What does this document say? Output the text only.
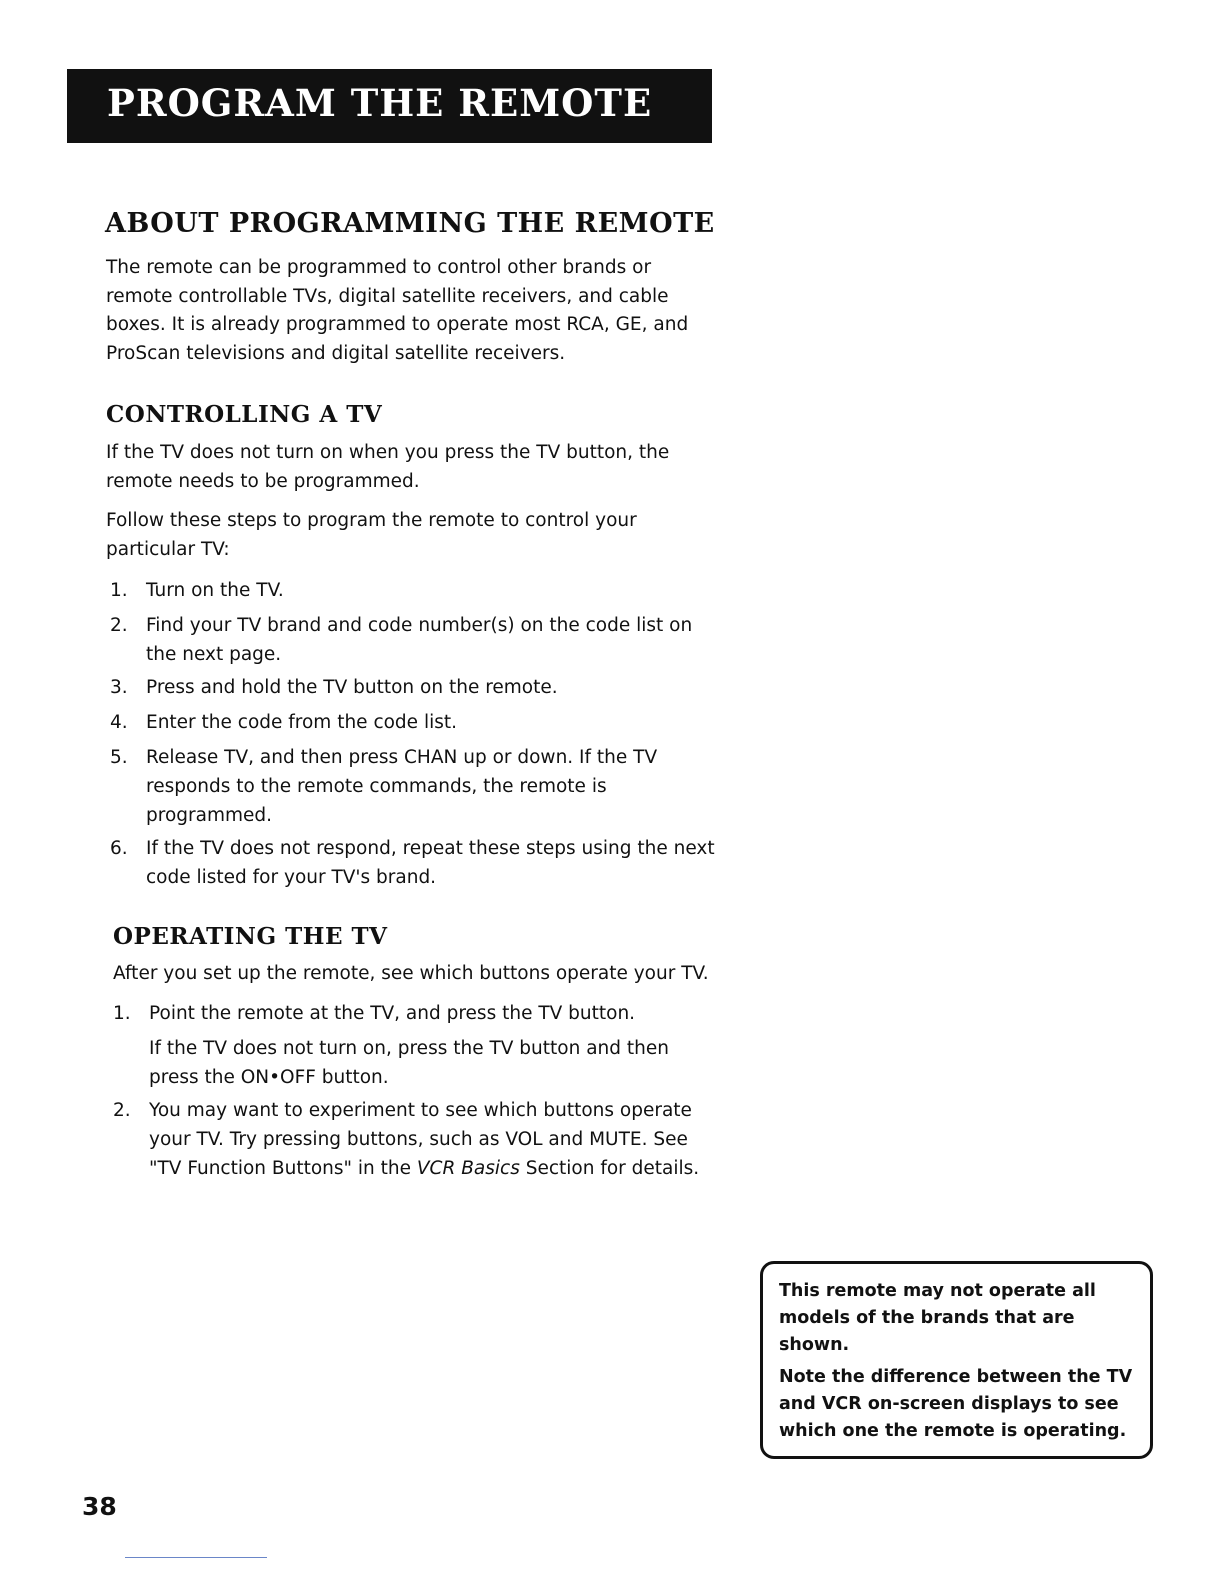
PROGRAM THE REMOTE
ABOUT PROGRAMMING THE REMOTE

The remote can be programmed to control other brands or remote controllable TVs, digital satellite receivers, and cable boxes. It is already programmed to operate most RCA, GE, and ProScan televisions and digital satellite receivers.

CONTROLLING A TV

If the TV does not turn on when you press the TV button, the remote needs to be programmed.

Follow these steps to program the remote to control your particular TV:

1. Turn on the TV.
2. Find your TV brand and code number(s) on the code list on the next page.
3. Press and hold the TV button on the remote.
4. Enter the code from the code list.
5. Release TV, and then press CHAN up or down. If the TV responds to the remote commands, the remote is programmed.
6. If the TV does not respond, repeat these steps using the next code listed for your TV's brand.
OPERATING THE TV

After you set up the remote, see which buttons operate your TV.

1. Point the remote at the TV, and press the TV button.
If the TV does not turn on, press the TV button and then press the ON•OFF button.
2. You may want to experiment to see which buttons operate your TV. Try pressing buttons, such as VOL and MUTE. See "TV Function Buttons" in the VCR Basics Section for details.

This remote may not operate all models of the brands that are shown.

Note the difference between the TV and VCR on-screen displays to see which one the remote is operating.

38
